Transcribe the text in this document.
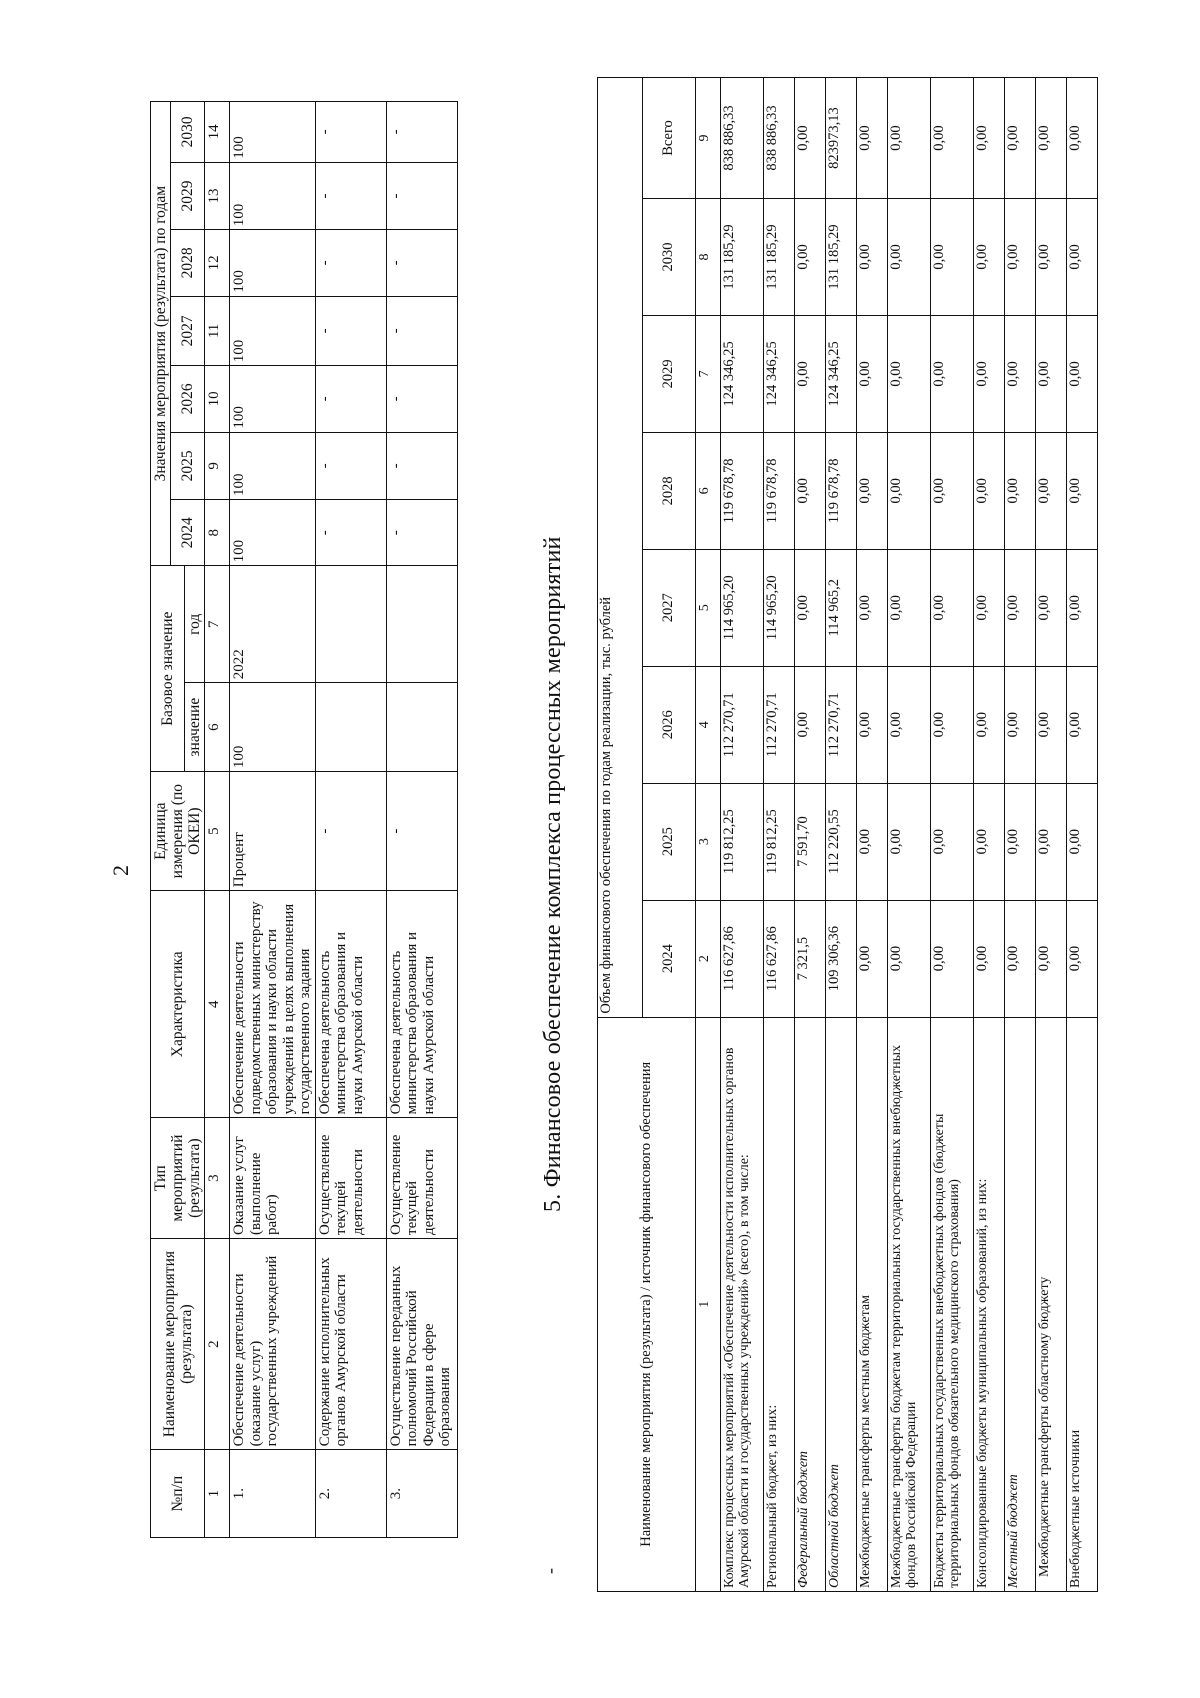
2
№п/п	Наименование мероприятия (результата)	Тип мероприятий (результата)	Характеристика	Единица измерения (по ОКЕИ)	Базовое значение		Значения мероприятия (результата) по годам						
							2024	2025	2026	2027	2028	2029	2030
					значение	год							
1	2	3	4	5	6	7	8	9	10	11	12	13	14
1.	Обеспечение деятельности (оказание услуг) государственных учреждений	Оказание услуг (выполнение работ)	Обеспечение деятельности подведомственных министерству образования и науки области учреждений в целях выполнения государственного задания	Процент	100	2022	100	100	100	100	100	100	100
2.	Содержание исполнительных органов Амурской области	Осуществление текущей деятельности	Обеспечена деятельность министерства образования и науки Амурской области	-			-	-	-	-	-	-	-
3.	Осуществление переданных полномочий Российской Федерации в сфере образования	Осуществление текущей деятельности	Обеспечена деятельность министерства образования и науки Амурской области	-			-	-	-	-	-	-	-
-
5. Финансовое обеспечение комплекса процессных мероприятий
Наименование мероприятия (результата) / источник финансового обеспечения	Объем финансового обеспечения по годам реализации, тыс. рублей							
	2024	2025	2026	2027	2028	2029	2030	Всего
1	2	3	4	5	6	7	8	9
Комплекс процессных мероприятий «Обеспечение деятельности исполнительных органов Амурской области и государственных учреждений» (всего), в том числе:	116 627,86	119 812,25	112 270,71	114 965,20	119 678,78	124 346,25	131 185,29	838 886,33
Региональный бюджет, из них:	116 627,86	119 812,25	112 270,71	114 965,20	119 678,78	124 346,25	131 185,29	838 886,33
Федеральный бюджет	7 321,5	7 591,70	0,00	0,00	0,00	0,00	0,00	0,00
Областной бюджет	109 306,36	112 220,55	112 270,71	114 965,2	119 678,78	124 346,25	131 185,29	823973,13
Межбюджетные трансферты местным бюджетам	0,00	0,00	0,00	0,00	0,00	0,00	0,00	0,00
Межбюджетные трансферты бюджетам территориальных государственных внебюджетных фондов Российской Федерации	0,00	0,00	0,00	0,00	0,00	0,00	0,00	0,00
Бюджеты территориальных государственных внебюджетных фондов (бюджеты территориальных фондов обязательного медицинского страхования)	0,00	0,00	0,00	0,00	0,00	0,00	0,00	0,00
Консолидированные бюджеты муниципальных образований, из них:	0,00	0,00	0,00	0,00	0,00	0,00	0,00	0,00
Местный бюджет	0,00	0,00	0,00	0,00	0,00	0,00	0,00	0,00
Межбюджетные трансферты областному бюджету	0,00	0,00	0,00	0,00	0,00	0,00	0,00	0,00
Внебюджетные источники	0,00	0,00	0,00	0,00	0,00	0,00	0,00	0,00
